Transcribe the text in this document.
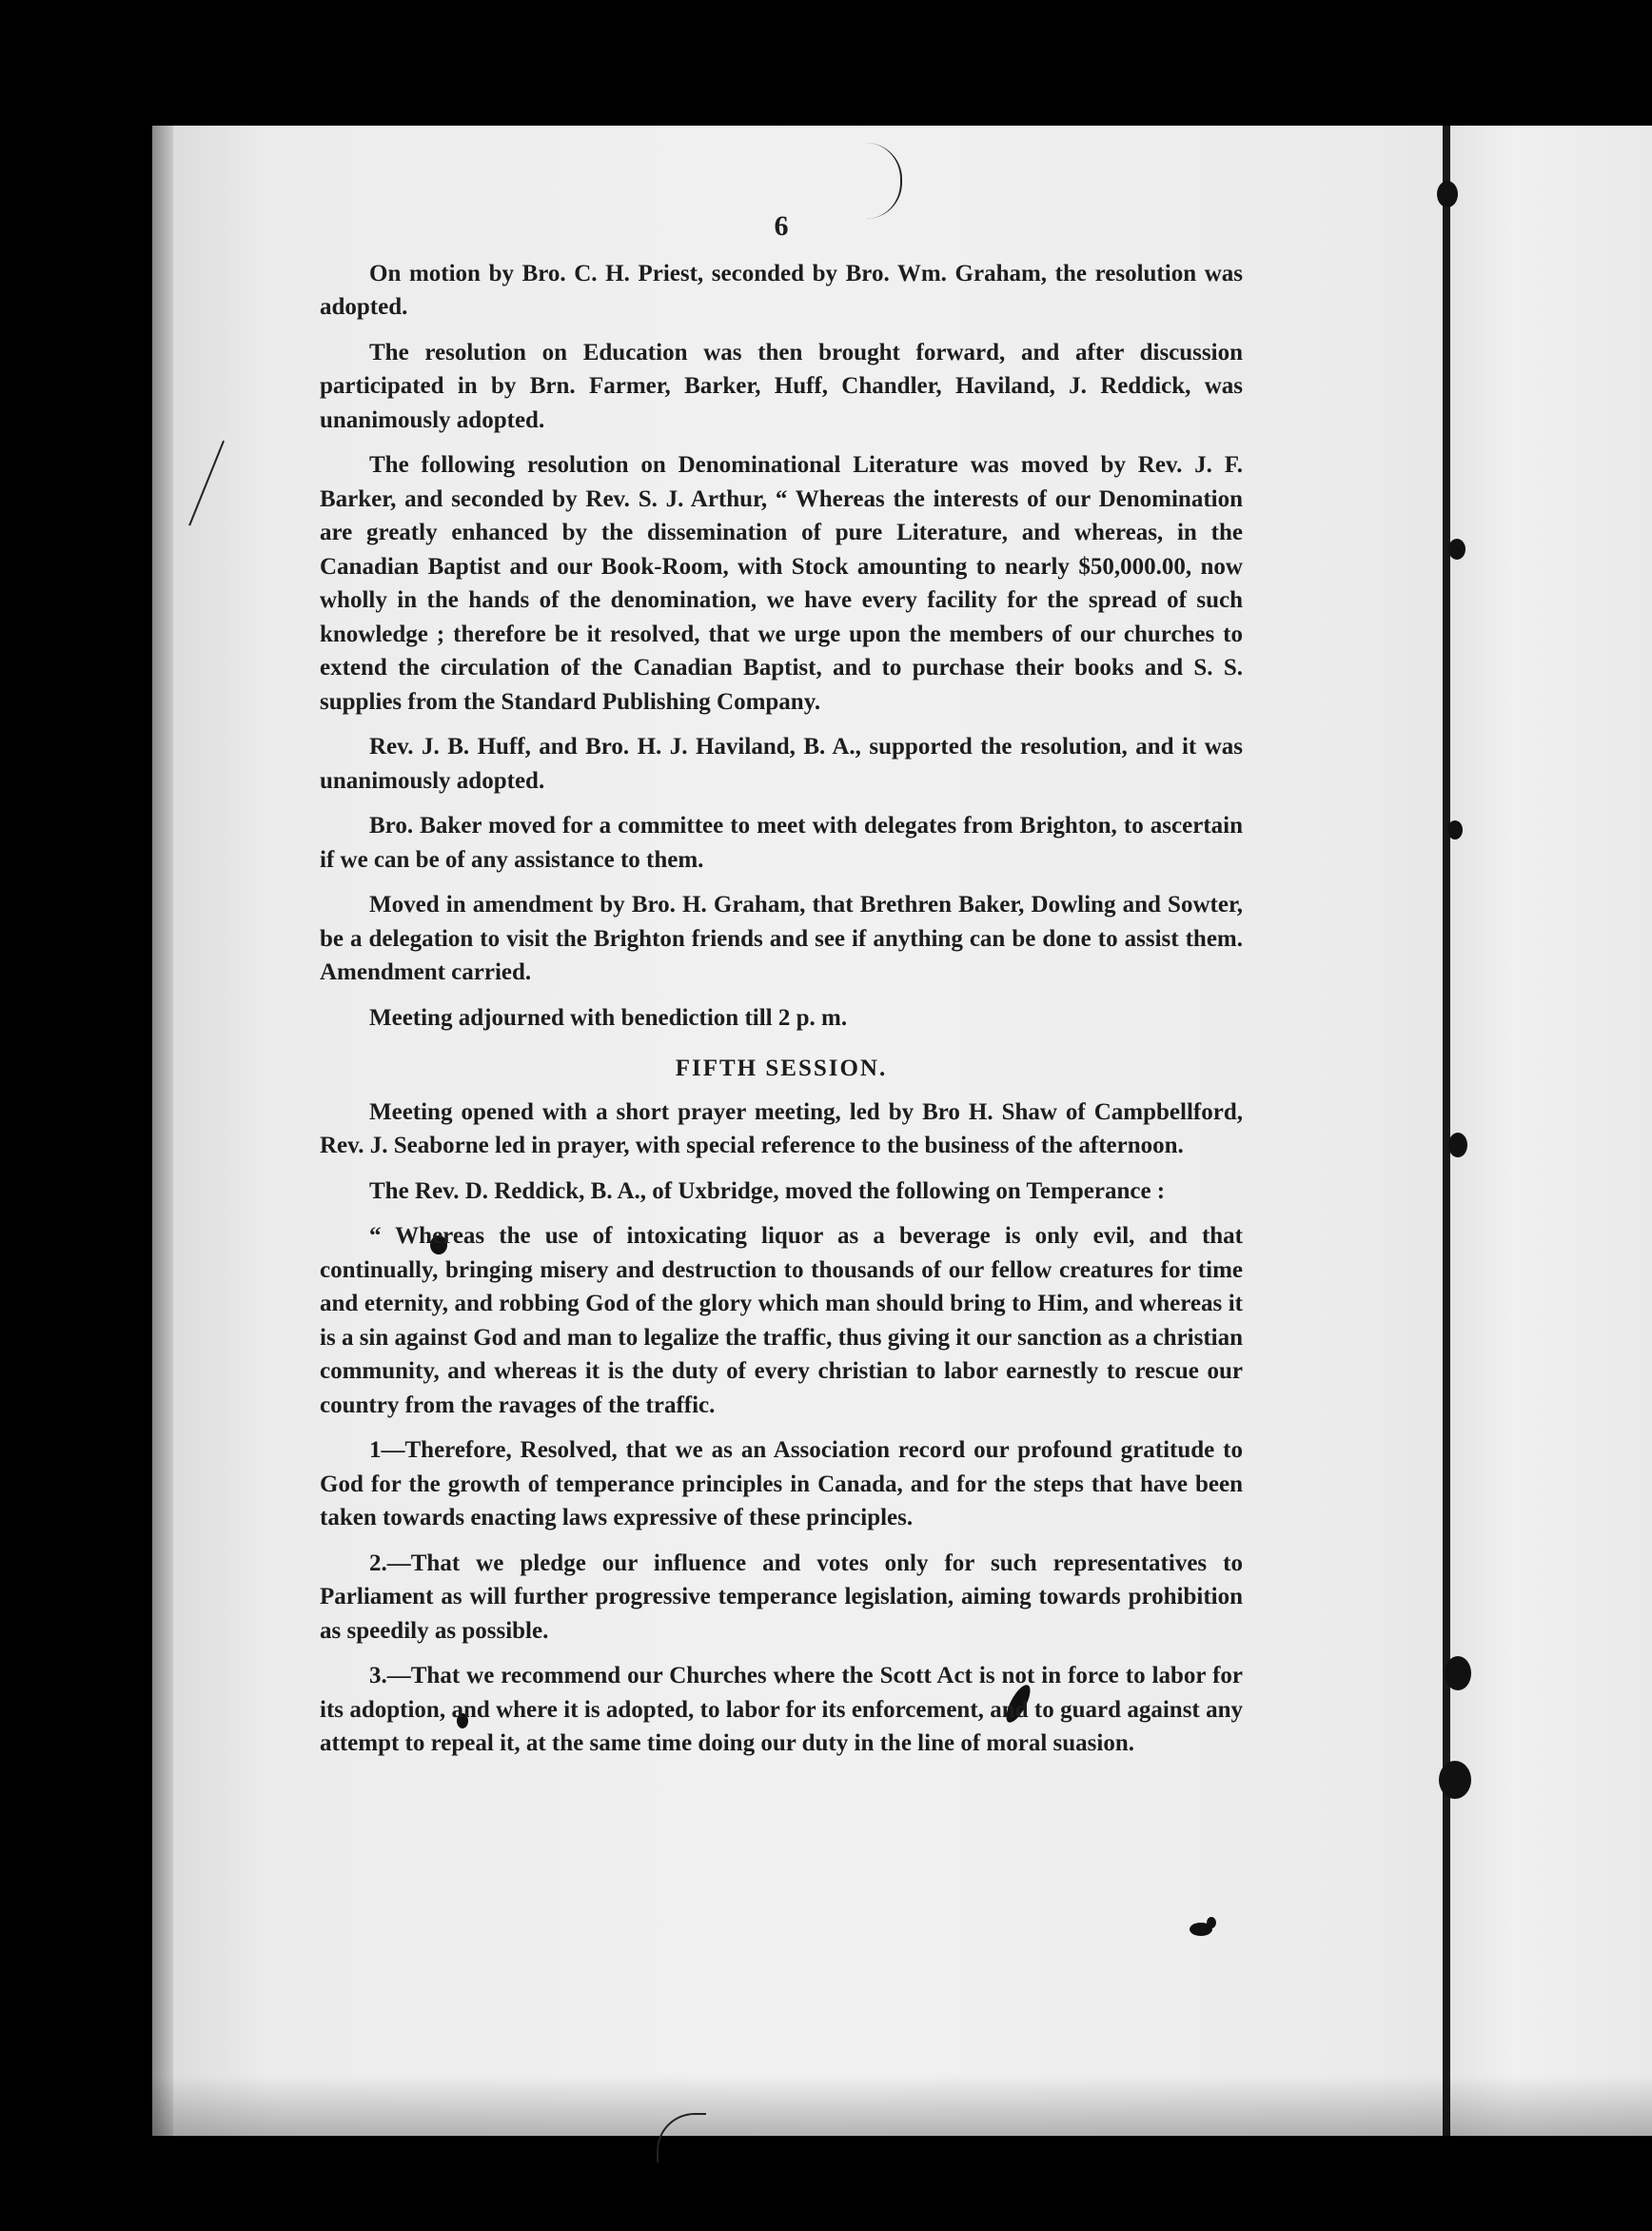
6

On motion by Bro. C. H. Priest, seconded by Bro. Wm. Graham, the resolution was adopted.

The resolution on Education was then brought forward, and after discussion participated in by Brn. Farmer, Barker, Huff, Chandler, Haviland, J. Reddick, was unanimously adopted.

The following resolution on Denominational Literature was moved by Rev. J. F. Barker, and seconded by Rev. S. J. Arthur, “ Whereas the interests of our Denomination are greatly enhanced by the dissemination of pure Literature, and whereas, in the Canadian Baptist and our Book-Room, with Stock amounting to nearly $50,000.00, now wholly in the hands of the denomination, we have every facility for the spread of such knowledge ; therefore be it resolved, that we urge upon the members of our churches to extend the circulation of the Canadian Baptist, and to purchase their books and S. S. supplies from the Standard Publishing Company.

Rev. J. B. Huff, and Bro. H. J. Haviland, B. A., supported the resolution, and it was unanimously adopted.

Bro. Baker moved for a committee to meet with delegates from Brighton, to ascertain if we can be of any assistance to them.

Moved in amendment by Bro. H. Graham, that Brethren Baker, Dowling and Sowter, be a delegation to visit the Brighton friends and see if anything can be done to assist them. Amendment carried.

Meeting adjourned with benediction till 2 p. m.

FIFTH SESSION.

Meeting opened with a short prayer meeting, led by Bro H. Shaw of Campbellford, Rev. J. Seaborne led in prayer, with special reference to the business of the afternoon.

The Rev. D. Reddick, B. A., of Uxbridge, moved the following on Temperance :

“ Whereas the use of intoxicating liquor as a beverage is only evil, and that continually, bringing misery and destruction to thousands of our fellow creatures for time and eternity, and robbing God of the glory which man should bring to Him, and whereas it is a sin against God and man to legalize the traffic, thus giving it our sanction as a christian community, and whereas it is the duty of every christian to labor earnestly to rescue our country from the ravages of the traffic.

1—Therefore, Resolved, that we as an Association record our profound gratitude to God for the growth of temperance principles in Canada, and for the steps that have been taken towards enacting laws expressive of these principles.

2.—That we pledge our influence and votes only for such representatives to Parliament as will further progressive temperance legislation, aiming towards prohibition as speedily as possible.

3.—That we recommend our Churches where the Scott Act is not in force to labor for its adoption, and where it is adopted, to labor for its enforcement, and to guard against any attempt to repeal it, at the same time doing our duty in the line of moral suasion.
